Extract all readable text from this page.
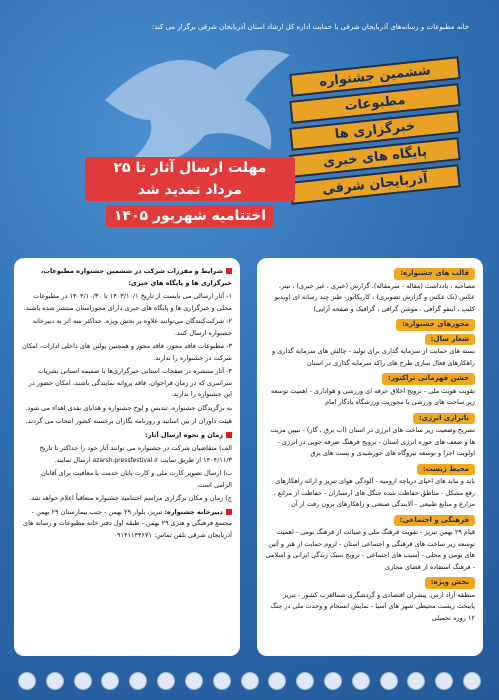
خانه مطبوعات و رسانه‌های آذربایجان شرقی با حمایت اداره کل ارشاد استان آذربایجان شرقی برگزار می کند:
ششمین جشنواره
مطبوعات
خبرگزاری ها
پایگاه های خبری
آذربایجان شرقی
مهلت ارسال آثار تا ۲۵ مرداد تمدید شد
اختتامیه شهریور ۱۴۰۵
شرایط و مقررات شرکت در ششمین جشنواره مطبوعات، خبرگزاری ها و پایگاه های خبری:
۱- آثار ارسالی می بایست از تاریخ ۱۴۰۳/۱۰/۱ تا ۱۴۰۴/۱۰/۳۰ در مطبوعات محلی و خبرگزاری ها و پایگاه های خبری دارای مجوزاستان منتشر شده باشند.
۲- شرکت‌کنندگان می‌توانند علاوه بر بخش ویژه، حداکثر سه اثر به دبیرخانه جشنواره ارسال کنند.
۳- مطبوعات فاقد مجوز، فاقد مجوز و همچنین بولتن های داخلی ادارات، امکان شرکت در جشنواره را ندارند.
۴- آثار منتشره در صفحات استانی خبرگزاری‌ها یا ضمیمه استانی نشریات سراسری که در زمان فراخوان، فاقد پروانه نمایندگی باشند، امکان حضور در این جشنواره را ندارند.
به برگزیدگان جشنواره، تندیس و لوح جشنواره و هدایای نقدی اهداء می شود.
هیئت داوران از بین اساتید و روزنامه نگاران برجسته کشور انتخاب می گردند.
زمان و نحوه ارسال آثار:
الف) متقاضیان شرکت در جشنواره می توانند آثار خود را حداکثر تا تاریخ ۱۴۰۴/۱۱/۳ از طریق سایت azarsh.pressfestival.ir ارسال نمایند.
ب) ارسال تصویر کارت ملی و کارت پایان خدمت یا معافیت برای آقایان الزامی است.
ج) زمان و مکان برگزاری مراسم اختتامیه جشنواره متعاقباً اعلام خواهد شد.
دبیرخانه جشنواره: تبریز، بلوار ۲۹ بهمن - جنب بیمارستان ۲۹ بهمن - مجتمع فرهنگی و هنری ۲۹ بهمن - طبقه اول دفتر خانه مطبوعات و رسانه های آذربایجان شرقی تلفن تماس: ۰۹۱۴۱۱۴۴۶۷۱
قالب های جشنواره:
مصاحبه ، یادداشت (مقاله - سرمقاله)، گزارش (خبری ، غیر خبری) ، تیتر، عکس (تک عکس و گزارش تصویری) ، کاریکاتور- طنز چند رسانه ای (ویدیو کلیپ ، اینفو گرافی ، موشن گرافی ، گرافیک و صفحه آرایی)
محورهای جشنواره:
شعار سال:
بسته های حمایت از سرمایه گذاری برای تولید - چالش های سرمایه گذاری و راهکارهای فعال سازی طرح های راکد سرمایه گذاری در استان
جشن قهرمانی تراکتور:
تقویت هویت ملی - ترویج اخلاق حرفه ای ورزشی و هواداری - اهمیت توسعه زیر ساخت های ورزشی با محوریت ورزشگاه یادگار امام
ناترازی انرژی:
تشریح وضعیت زیر ساخت های انرژی در استان (آب برق ، گاز) - تبیین مزیت ها و ضعف های حوزه انرژی استان - ترویج فرهنگ صرفه جویی در انرژی - اولویت اجرا و توسعه نیروگاه های خورشیدی و پست های برق
محیط زیست:
باید و نباید های احیای دریاچه ارومیه - آلودگی هوای تبریز و ارائه راهکارهای رفع مشکل - مناطق حفاظت شده جنگل های ارسباران - حفاظت از مراتع ، مزارع و منابع طبیعی - آلایندگی صنعتی و راهکارهای برون رفت از آن
فرهنگی و اجتماعی:
قیام ۲۹ بهمن تبریز - تقویت فرهنگ ملی و صیانت از فرهنگ بومی - اهمیت توسعه زیر ساخت های فرهنگی و اجتماعی استان - لزوم حمایت از هنر و آثین های بومی و محلی - آسیب های اجتماعی - ترویج سبک زندگی ایرانی و اسلامی - فرهنگ استفاده از فضای مجازی
بخش ویژه:
منطقه آزاد ارس، پیشران اقتصادی و گردشگری شمالغرب کشور - تبریز پایتخت زیست محیطی شهر های آسیا - نمایش انسجام و وحدت ملی در جنگ ۱۲ روزه تحمیلی
